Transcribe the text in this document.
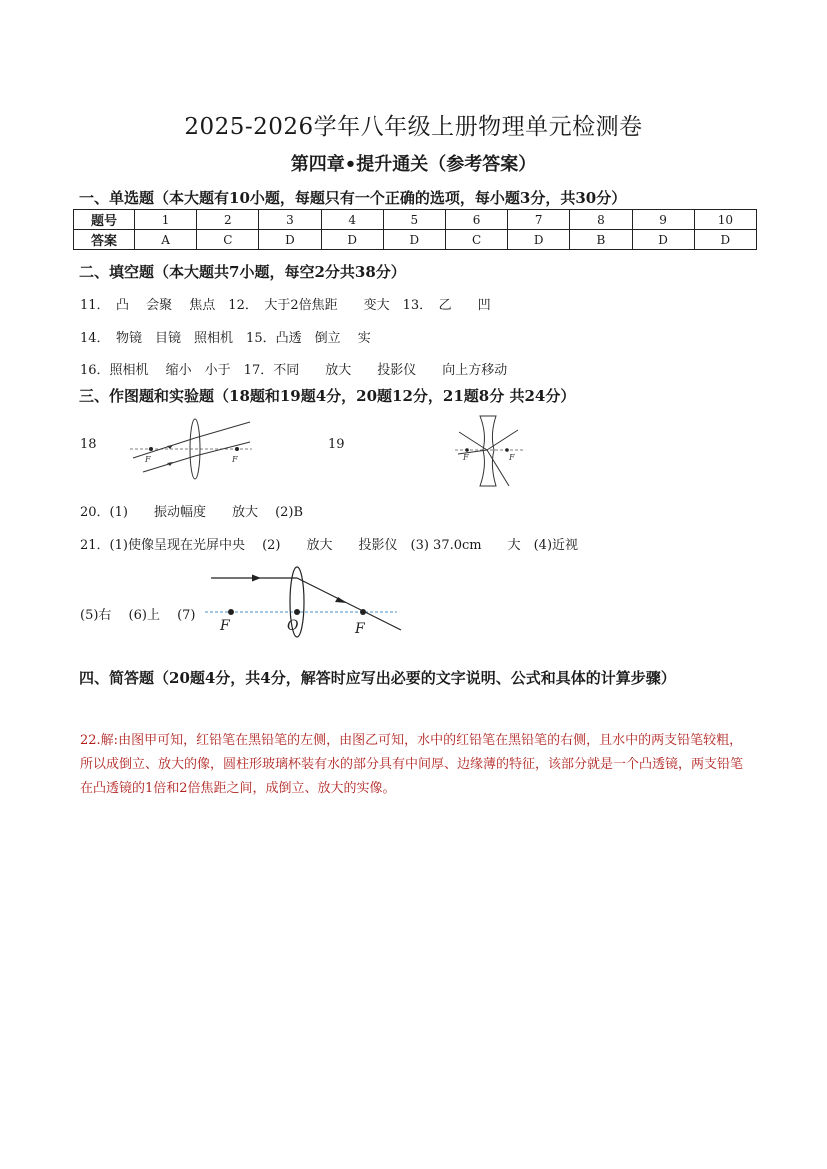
2025-2026学年八年级上册物理单元检测卷
第四章•提升通关（参考答案）
一、单选题（本大题有10小题，每题只有一个正确的选项，每小题3分，共30分）
题号	1	2	3	4	5	6	7	8	9	10
答案	A	C	D	D	D	C	D	B	D	D
二、填空题（本大题共7小题，每空2分共38分）
11．　凸　 会聚　 焦点　12．　大于2倍焦距　　变大　13．　乙　　凹
14．　物镜　目镜　照相机　15．凸透　倒立　 实
16．照相机　 缩小　小于　17．不同　　放大　　投影仪　　向上方移动
三、作图题和实验题（18题和19题4分，20题12分，21题8分 共24分）
18	19
F	F	F	F
20．(1)　　振动幅度　　放大　 (2)B
21．(1)使像呈现在光屏中央　 (2)　　放大　　投影仪　(3) 37.0cm　　大　(4)近视
(5)右　 (6)上　 (7)
F	O	F
四、简答题（20题4分，共4分，解答时应写出必要的文字说明、公式和具体的计算步骤）
22.解:由图甲可知，红铅笔在黑铅笔的左侧，由图乙可知，水中的红铅笔在黑铅笔的右侧，且水中的两支铅笔较粗，所以成倒立、放大的像，圆柱形玻璃杯装有水的部分具有中间厚、边缘薄的特征，该部分就是一个凸透镜，两支铅笔在凸透镜的1倍和2倍焦距之间，成倒立、放大的实像。
